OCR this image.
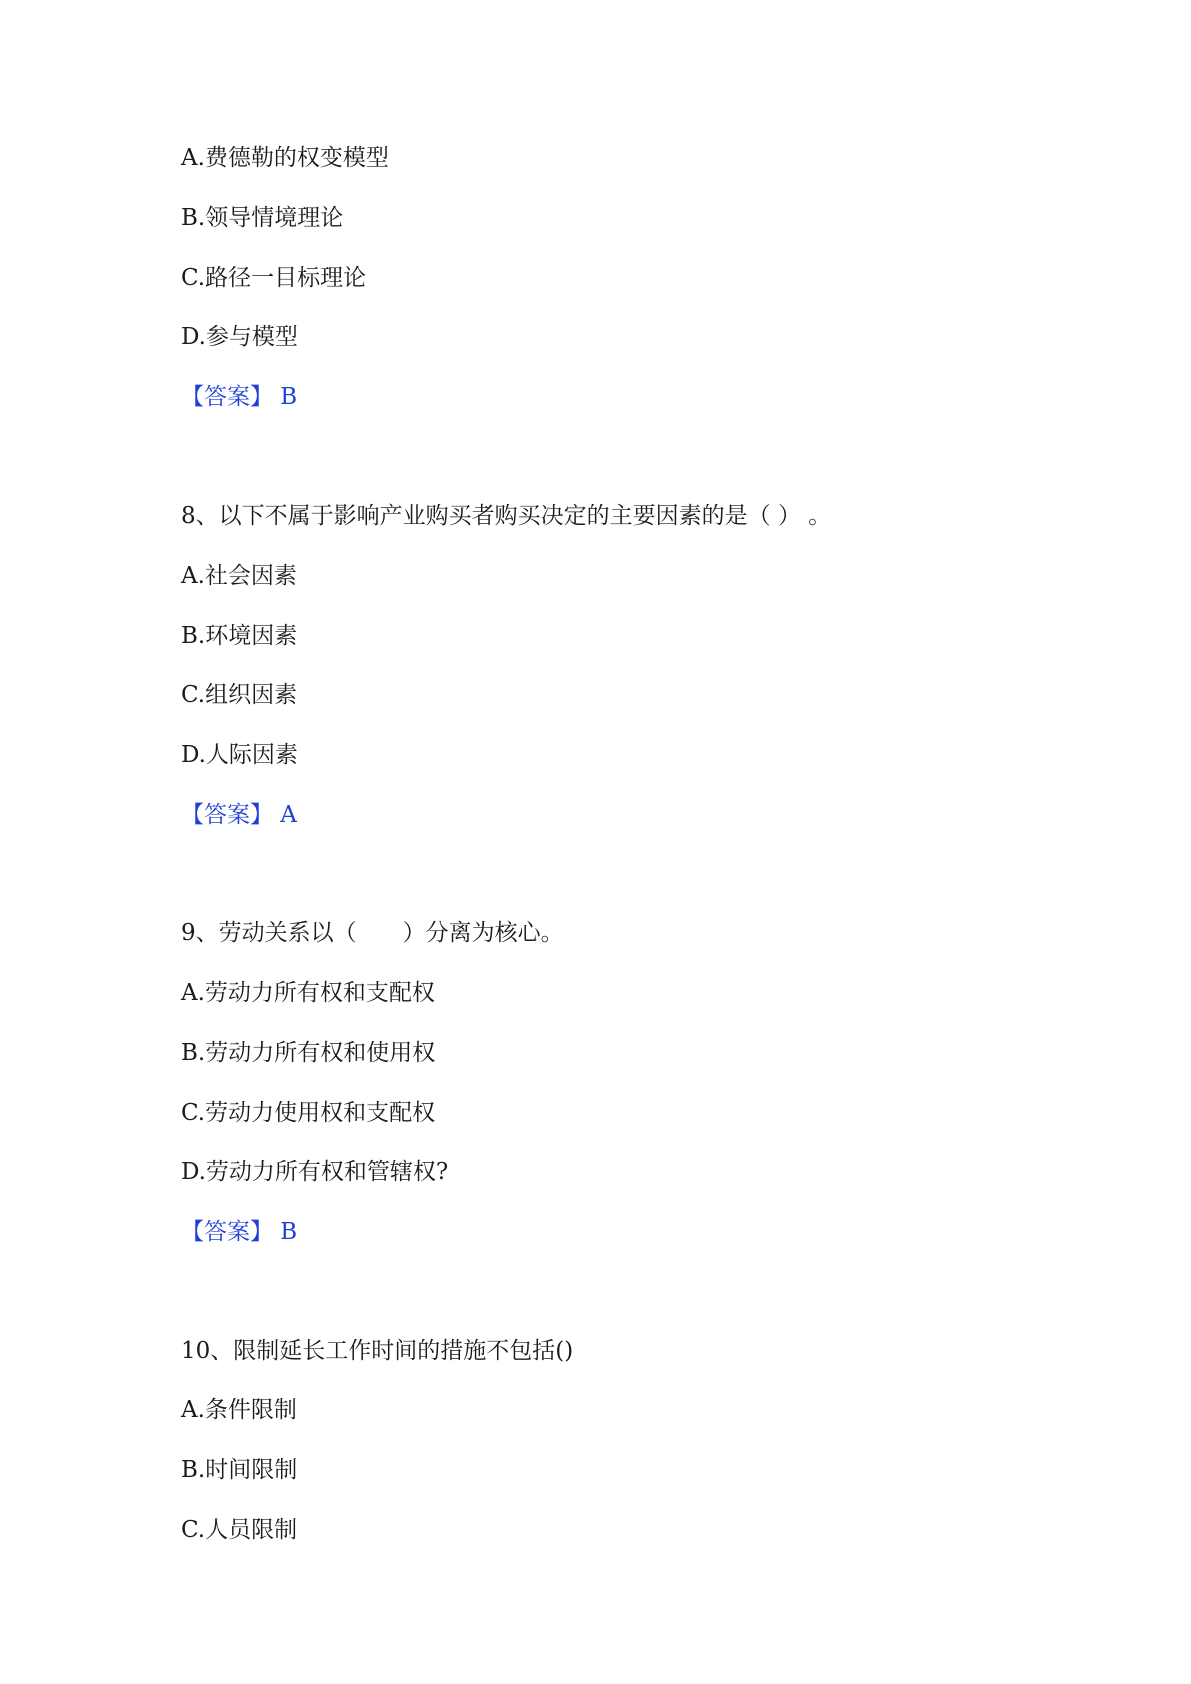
A.费德勒的权变模型

B.领导情境理论

C.路径一目标理论

D.参与模型

【答案】 B

8、以下不属于影响产业购买者购买决定的主要因素的是（ ） 。

A.社会因素

B.环境因素

C.组织因素

D.人际因素

【答案】 A

9、劳动关系以（　　）分离为核心。

A.劳动力所有权和支配权

B.劳动力所有权和使用权

C.劳动力使用权和支配权

D.劳动力所有权和管辖权?

【答案】 B

10、限制延长工作时间的措施不包括()

A.条件限制

B.时间限制

C.人员限制
